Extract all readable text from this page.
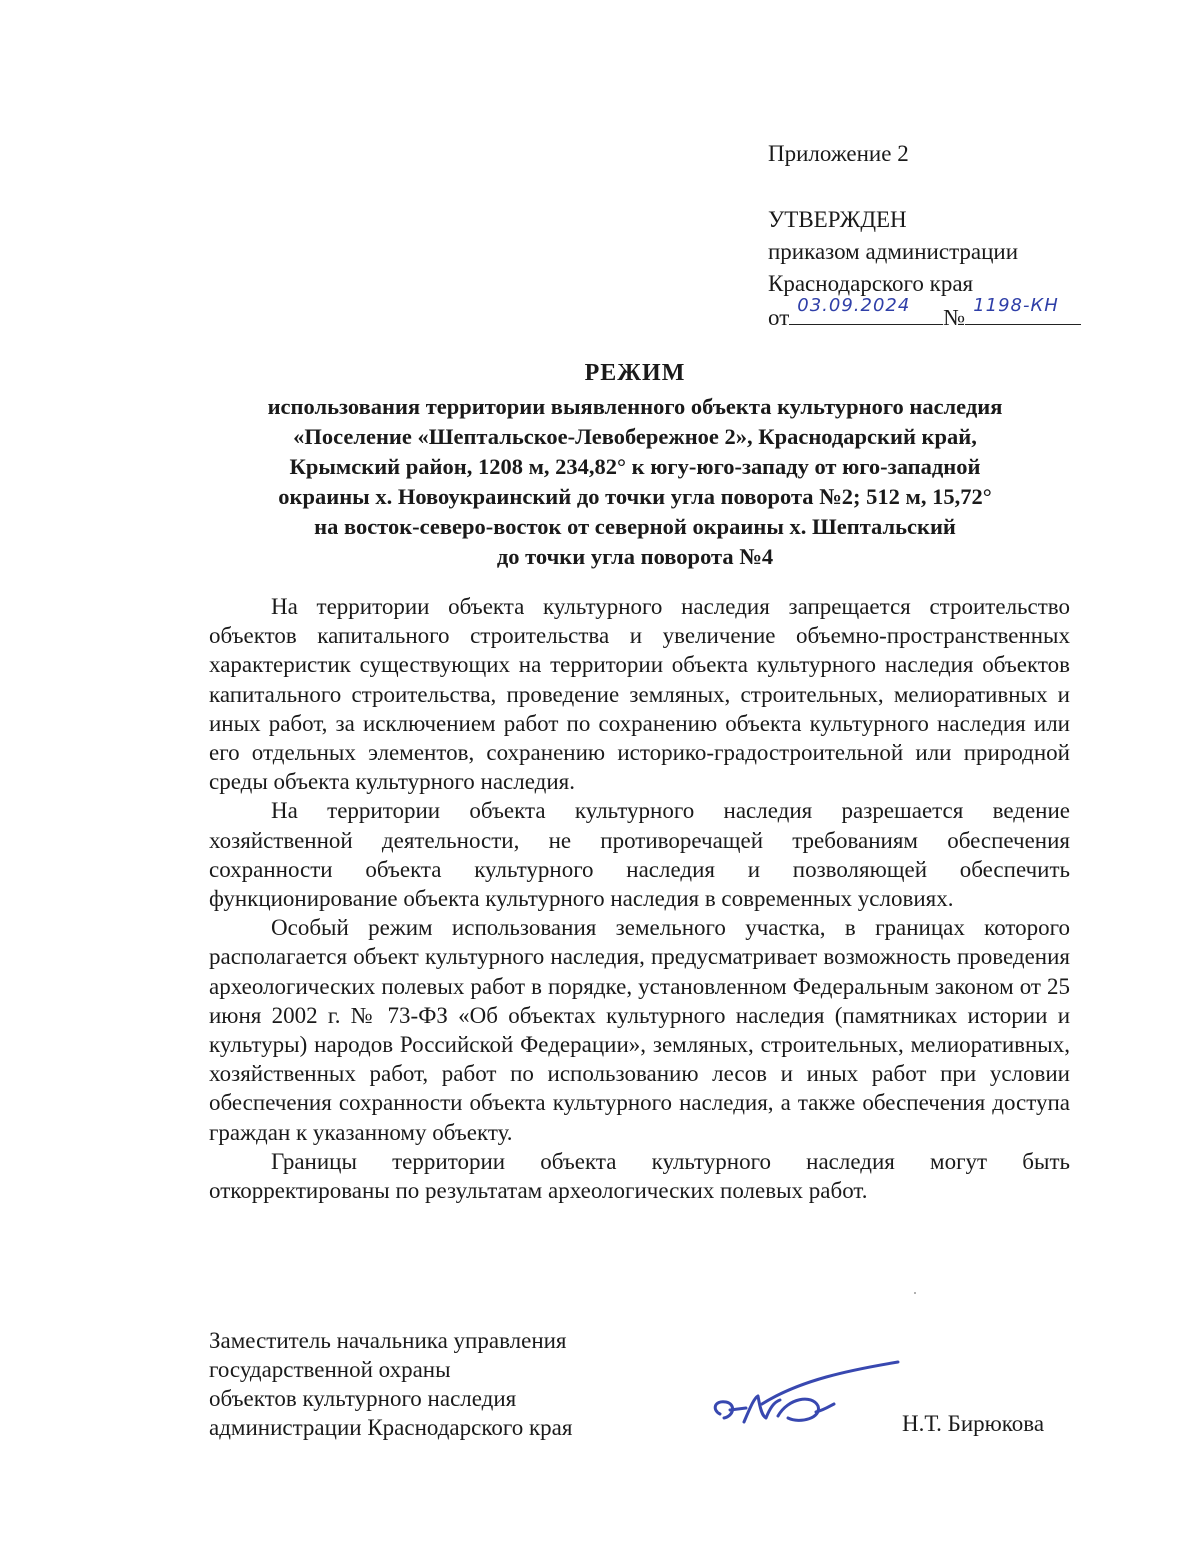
Приложение 2
УТВЕРЖДЕН
приказом администрации
Краснодарского края
от 03.09.2024 № 1198-КН
РЕЖИМ
использования территории выявленного объекта культурного наследия
«Поселение «Шептальское-Левобережное 2», Краснодарский край,
Крымский район, 1208 м, 234,82° к югу-юго-западу от юго-западной
окраины х. Новоукраинский до точки угла поворота №2; 512 м, 15,72°
на восток-северо-восток от северной окраины х. Шептальский
до точки угла поворота №4

На территории объекта культурного наследия запрещается строительство объектов капитального строительства и увеличение объемно-пространственных характеристик существующих на территории объекта культурного наследия объектов капитального строительства, проведение земляных, строительных, мелиоративных и иных работ, за исключением работ по сохранению объекта культурного наследия или его отдельных элементов, сохранению историко-градостроительной или природной среды объекта культурного наследия.

На территории объекта культурного наследия разрешается ведение хозяйственной деятельности, не противоречащей требованиям обеспечения сохранности объекта культурного наследия и позволяющей обеспечить функционирование объекта культурного наследия в современных условиях.

Особый режим использования земельного участка, в границах которого располагается объект культурного наследия, предусматривает возможность проведения археологических полевых работ в порядке, установленном Федеральным законом от 25 июня 2002 г. № 73-ФЗ «Об объектах культурного наследия (памятниках истории и культуры) народов Российской Федерации», земляных, строительных, мелиоративных, хозяйственных работ, работ по использованию лесов и иных работ при условии обеспечения сохранности объекта культурного наследия, а также обеспечения доступа граждан к указанному объекту.

Границы территории объекта культурного наследия могут быть откорректированы по результатам археологических полевых работ.

Заместитель начальника управления
государственной охраны
объектов культурного наследия
администрации Краснодарского края	Н.Т. Бирюкова
